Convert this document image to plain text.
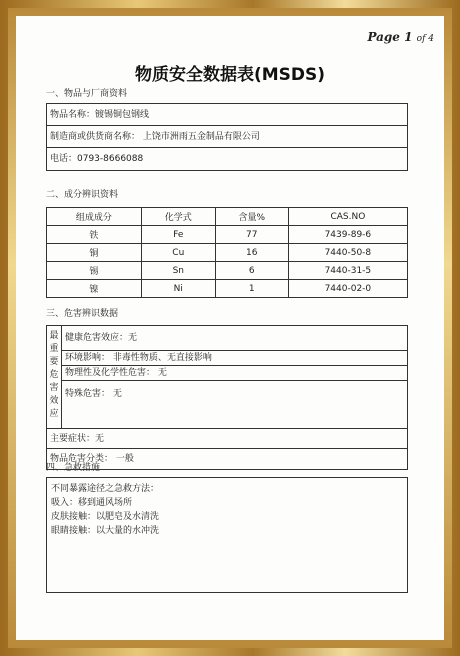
Page 1 of 4
物质安全数据表(MSDS)
一、物品与厂商资料
物品名称：镀锡铜包钢线
制造商或供货商名称： 上饶市洲雨五金制品有限公司
电话：0793-8666088
二、成分辨识资料
组成成分	化学式	含量%	CAS.NO
铁	Fe	77	7439-89-6
铜	Cu	16	7440-50-8
锡	Sn	6	7440-31-5
镍	Ni	1	7440-02-0
三、危害辨识数据
最
重
要
危
害
效
应
健康危害效应：无
环境影响： 非毒性物质、无直接影响
物理性及化学性危害： 无
特殊危害： 无
主要症状：无
物品危害分类： 一般
四、急救措施
不同暴露途径之急救方法：
吸入：移到通风场所
皮肤接触：以肥皂及水清洗
眼睛接触：以大量的水冲洗
